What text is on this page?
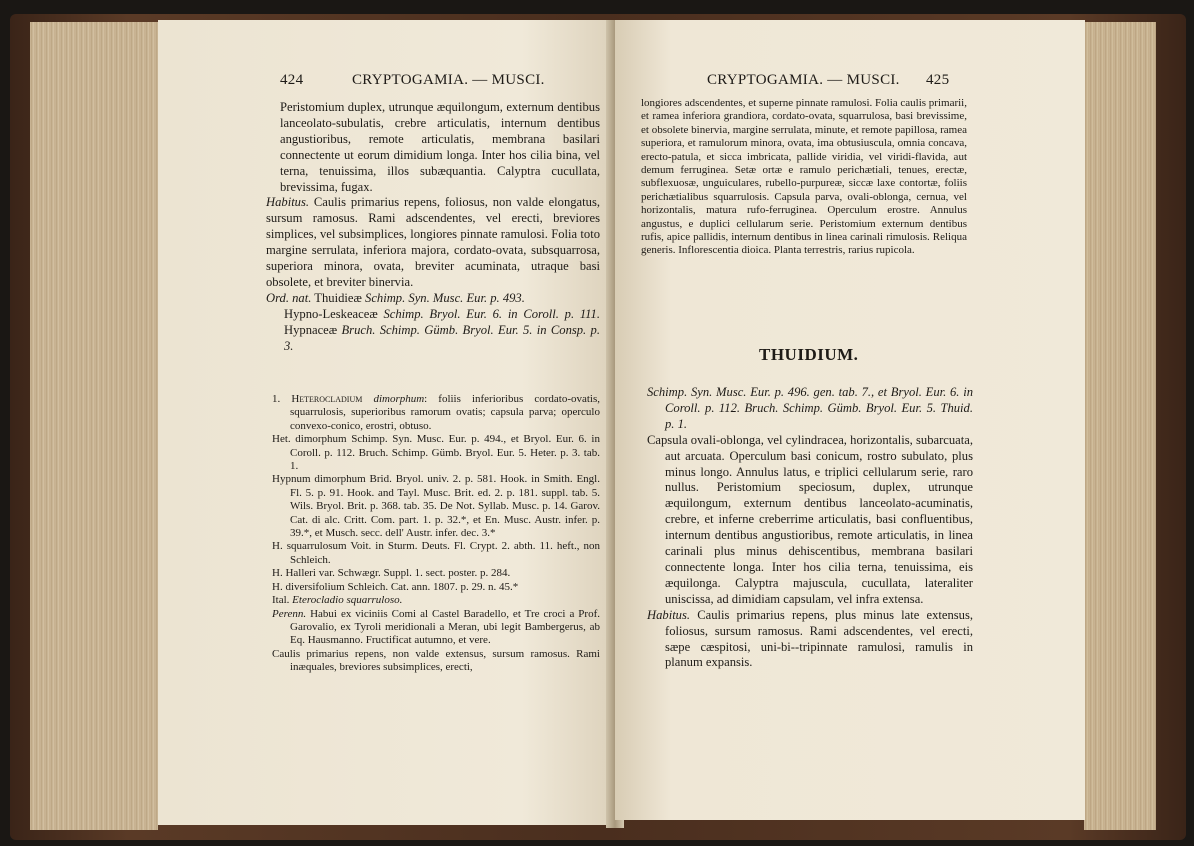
424	CRYPTOGAMIA. — MUSCI.

Peristomium duplex, utrunque æquilongum, externum dentibus lanceolato-subulatis, crebre articulatis, internum dentibus angustioribus, remote articulatis, membrana basilari connectente ut eorum dimidium longa. Inter hos cilia bina, vel terna, tenuissima, illos subæquantia. Calyptra cucullata, brevissima, fugax.

Habitus. Caulis primarius repens, foliosus, non valde elongatus, sursum ramosus. Rami adscendentes, vel erecti, breviores simplices, vel subsimplices, longiores pinnate ramulosi. Folia toto margine serrulata, inferiora majora, cordato-ovata, subsquarrosa, superiora minora, ovata, breviter acuminata, utraque basi obsolete, et breviter binervia.

Ord. nat. Thuidieæ Schimp. Syn. Musc. Eur. p. 493.
Hypno-Leskeaceæ Schimp. Bryol. Eur. 6. in Coroll. p. 111. Hypnaceæ Bruch. Schimp. Gümb. Bryol. Eur. 5. in Consp. p. 3.

1. Heterocladium dimorphum: foliis inferioribus cordato-ovatis, squarrulosis, superioribus ramorum ovatis; capsula parva; operculo convexo-conico, erostri, obtuso.

Het. dimorphum Schimp. Syn. Musc. Eur. p. 494., et Bryol. Eur. 6. in Coroll. p. 112. Bruch. Schimp. Gümb. Bryol. Eur. 5. Heter. p. 3. tab. 1.

Hypnum dimorphum Brid. Bryol. univ. 2. p. 581. Hook. in Smith. Engl. Fl. 5. p. 91. Hook. and Tayl. Musc. Brit. ed. 2. p. 181. suppl. tab. 5. Wils. Bryol. Brit. p. 368. tab. 35. De Not. Syllab. Musc. p. 14. Garov. Cat. di alc. Critt. Com. part. 1. p. 32.*, et En. Musc. Austr. infer. p. 39.*, et Musch. secc. dell' Austr. infer. dec. 3.*

H. squarrulosum Voit. in Sturm. Deuts. Fl. Crypt. 2. abth. 11. heft., non Schleich.

H. Halleri var. Schwægr. Suppl. 1. sect. poster. p. 284.

H. diversifolium Schleich. Cat. ann. 1807. p. 29. n. 45.*

Ital. Eterocladio squarruloso.

Perenn. Habui ex viciniis Comi al Castel Baradello, et Tre croci a Prof. Garovalio, ex Tyroli meridionali a Meran, ubi legit Bambergerus, ab Eq. Hausmanno. Fructificat autumno, et vere.

Caulis primarius repens, non valde extensus, sursum ramosus. Rami inæquales, breviores subsimplices, erecti,

CRYPTOGAMIA. — MUSCI. 425
longiores adscendentes, et superne pinnate ramulosi. Folia caulis primarii, et ramea inferiora grandiora, cordato-ovata, squarrulosa, basi brevissime, et obsolete binervia, margine serrulata, minute, et remote papillosa, ramea superiora, et ramulorum minora, ovata, ima obtusiuscula, omnia concava, erecto-patula, et sicca imbricata, pallide viridia, vel viridi-flavida, aut demum ferruginea. Setæ ortæ e ramulo perichætiali, tenues, erectæ, subflexuosæ, unguiculares, rubello-purpureæ, siccæ laxe contortæ, foliis perichætialibus squarrulosis. Capsula parva, ovali-oblonga, cernua, vel horizontalis, matura rufo-ferruginea. Operculum erostre. Annulus angustus, e duplici cellularum serie. Peristomium externum dentibus rufis, apice pallidis, internum dentibus in linea carinali rimulosis. Reliqua generis. Inflorescentia dioica. Planta terrestris, rarius rupicola.
THUIDIUM.

Schimp. Syn. Musc. Eur. p. 496. gen. tab. 7., et Bryol. Eur. 6. in Coroll. p. 112. Bruch. Schimp. Gümb. Bryol. Eur. 5. Thuid. p. 1.

Capsula ovali-oblonga, vel cylindracea, horizontalis, subarcuata, aut arcuata. Operculum basi conicum, rostro subulato, plus minus longo. Annulus latus, e triplici cellularum serie, raro nullus. Peristomium speciosum, duplex, utrunque æquilongum, externum dentibus lanceolato-acuminatis, crebre, et inferne creberrime articulatis, basi confluentibus, internum dentibus angustioribus, remote articulatis, in linea carinali plus minus dehiscentibus, membrana basilari connectente longa. Inter hos cilia terna, tenuissima, eis æquilonga. Calyptra majuscula, cucullata, lateraliter uniscissa, ad dimidiam capsulam, vel infra extensa.

Habitus. Caulis primarius repens, plus minus late extensus, foliosus, sursum ramosus. Rami adscendentes, vel erecti, sæpe cæspitosi, uni-bi--tripinnate ramulosi, ramulis in planum expansis.
